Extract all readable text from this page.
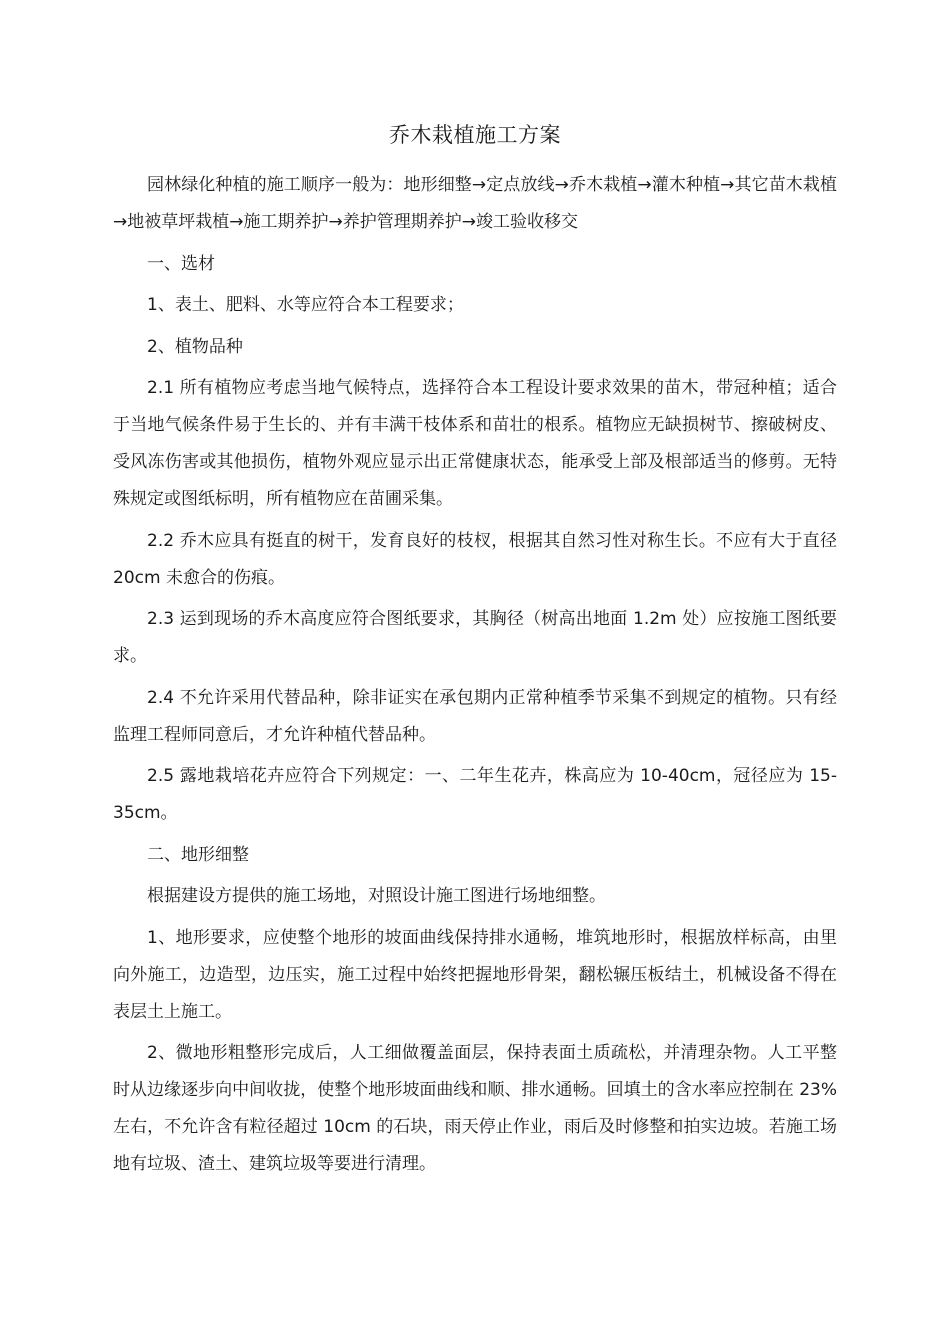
乔木栽植施工方案

园林绿化种植的施工顺序一般为：地形细整→定点放线→乔木栽植→灌木种植→其它苗木栽植→地被草坪栽植→施工期养护→养护管理期养护→竣工验收移交

一、选材

1、表土、肥料、水等应符合本工程要求；

2、植物品种

2.1 所有植物应考虑当地气候特点，选择符合本工程设计要求效果的苗木，带冠种植；适合于当地气候条件易于生长的、并有丰满干枝体系和苗壮的根系。植物应无缺损树节、擦破树皮、受风冻伤害或其他损伤，植物外观应显示出正常健康状态，能承受上部及根部适当的修剪。无特殊规定或图纸标明，所有植物应在苗圃采集。

2.2 乔木应具有挺直的树干，发育良好的枝杈，根据其自然习性对称生长。不应有大于直径 20cm 未愈合的伤痕。

2.3 运到现场的乔木高度应符合图纸要求，其胸径（树高出地面 1.2m 处）应按施工图纸要求。

2.4 不允许采用代替品种，除非证实在承包期内正常种植季节采集不到规定的植物。只有经监理工程师同意后，才允许种植代替品种。

2.5 露地栽培花卉应符合下列规定：一、二年生花卉，株高应为 10-40cm，冠径应为 15-35cm。

二、地形细整

根据建设方提供的施工场地，对照设计施工图进行场地细整。

1、地形要求，应使整个地形的坡面曲线保持排水通畅，堆筑地形时，根据放样标高，由里向外施工，边造型，边压实，施工过程中始终把握地形骨架，翻松辗压板结土，机械设备不得在表层土上施工。

2、微地形粗整形完成后，人工细做覆盖面层，保持表面土质疏松，并清理杂物。人工平整时从边缘逐步向中间收拢，使整个地形坡面曲线和顺、排水通畅。回填土的含水率应控制在 23%左右，不允许含有粒径超过 10cm 的石块，雨天停止作业，雨后及时修整和拍实边坡。若施工场地有垃圾、渣土、建筑垃圾等要进行清理。
